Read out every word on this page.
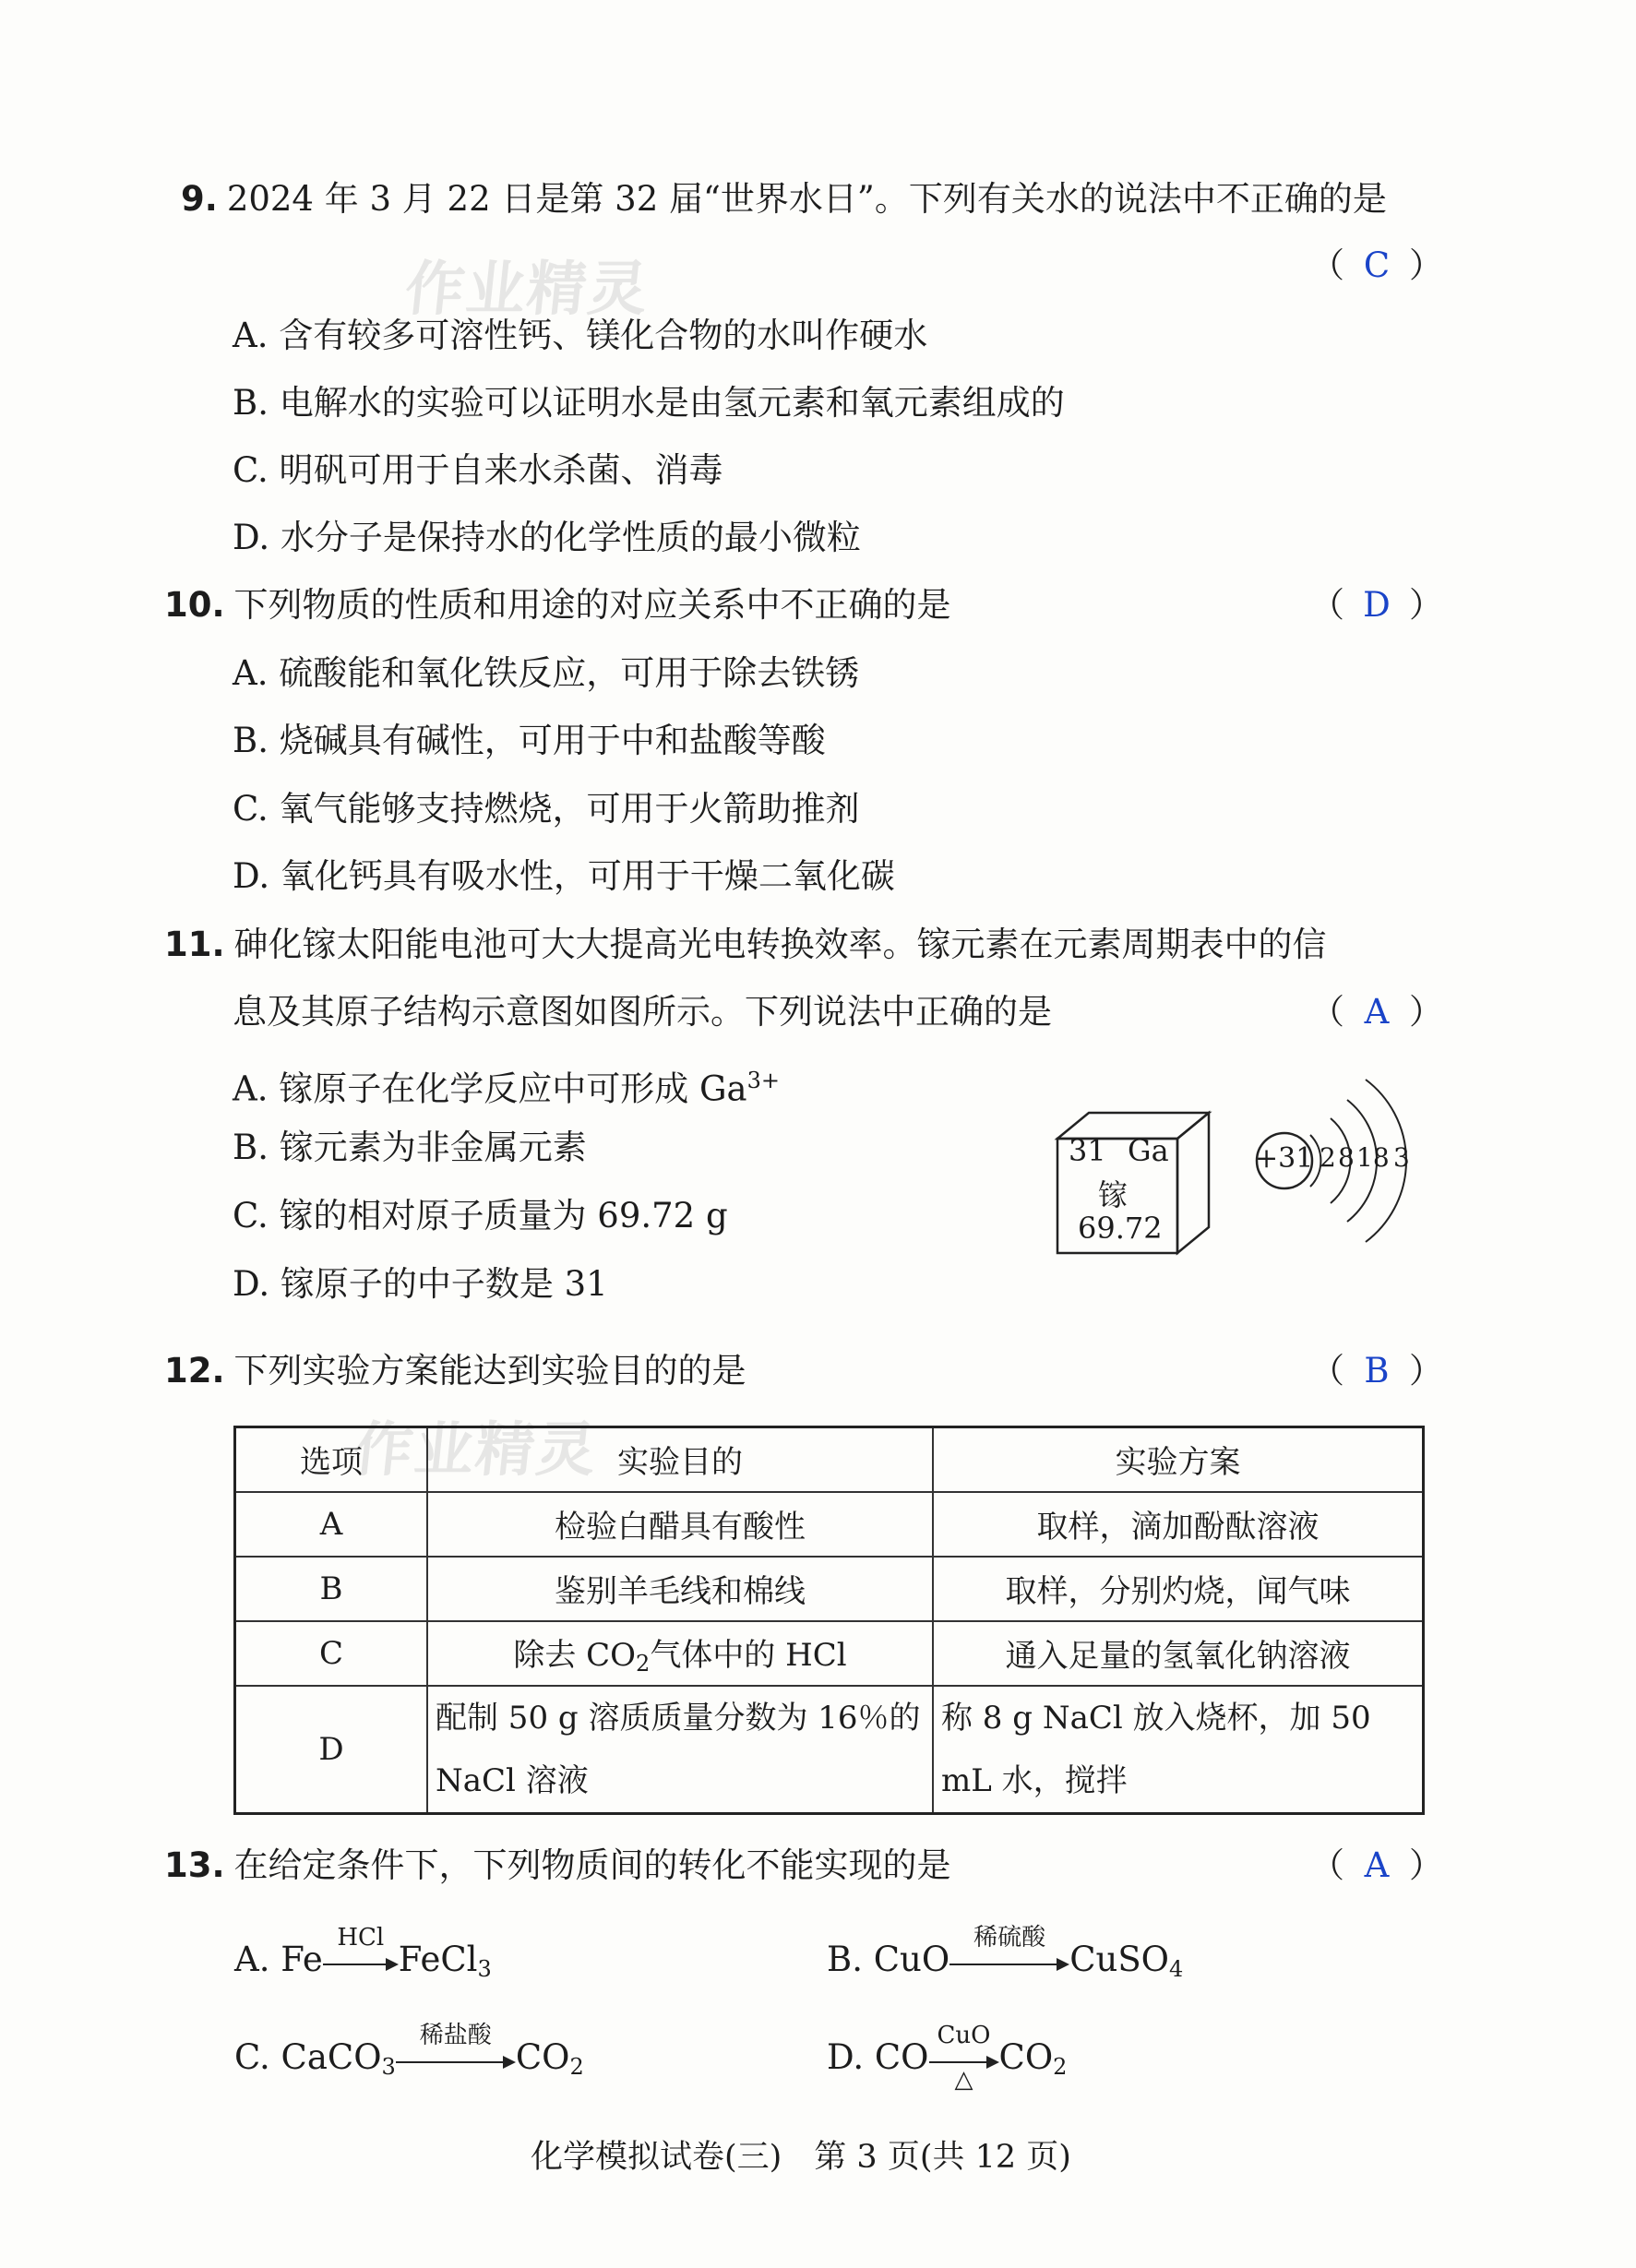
作业精灵
作业精灵
9. 2024 年 3 月 22 日是第 32 届“世界水日”。下列有关水的说法中不正确的是
（ C ）
A. 含有较多可溶性钙、镁化合物的水叫作硬水
B. 电解水的实验可以证明水是由氢元素和氧元素组成的
C. 明矾可用于自来水杀菌、消毒
D. 水分子是保持水的化学性质的最小微粒
10. 下列物质的性质和用途的对应关系中不正确的是	（ D ）
A. 硫酸能和氧化铁反应，可用于除去铁锈
B. 烧碱具有碱性，可用于中和盐酸等酸
C. 氧气能够支持燃烧，可用于火箭助推剂
D. 氧化钙具有吸水性，可用于干燥二氧化碳
11. 砷化镓太阳能电池可大大提高光电转换效率。镓元素在元素周期表中的信
息及其原子结构示意图如图所示。下列说法中正确的是	（ A ）
A. 镓原子在化学反应中可形成 $Ga^{3+}$
B. 镓元素为非金属元素
C. 镓的相对原子质量为 69.72 g
D. 镓原子的中子数是 31
31 Ga
镓
69.72
+31 2 8 18 3
12. 下列实验方案能达到实验目的的是	（ B ）
选项	实验目的	实验方案
A	检验白醋具有酸性	取样，滴加酚酞溶液
B	鉴别羊毛线和棉线	取样，分别灼烧，闻气味
C	除去 $CO_2$气体中的 HCl	通入足量的氢氧化钠溶液
D	配制 50 g 溶质质量分数为 16％的 NaCl 溶液	称 8 g NaCl 放入烧杯，加 50 mL 水，搅拌
13. 在给定条件下，下列物质间的转化不能实现的是	（ A ）
A. Fe
HCl
FeCl$_3$	B. CuO
稀硫酸
CuSO$_4$
C. CaCO$_3$
稀盐酸
$CO_2$	D. CO
CuO
△
$CO_2$
化学模拟试卷(三)　第 3 页(共 12 页)
